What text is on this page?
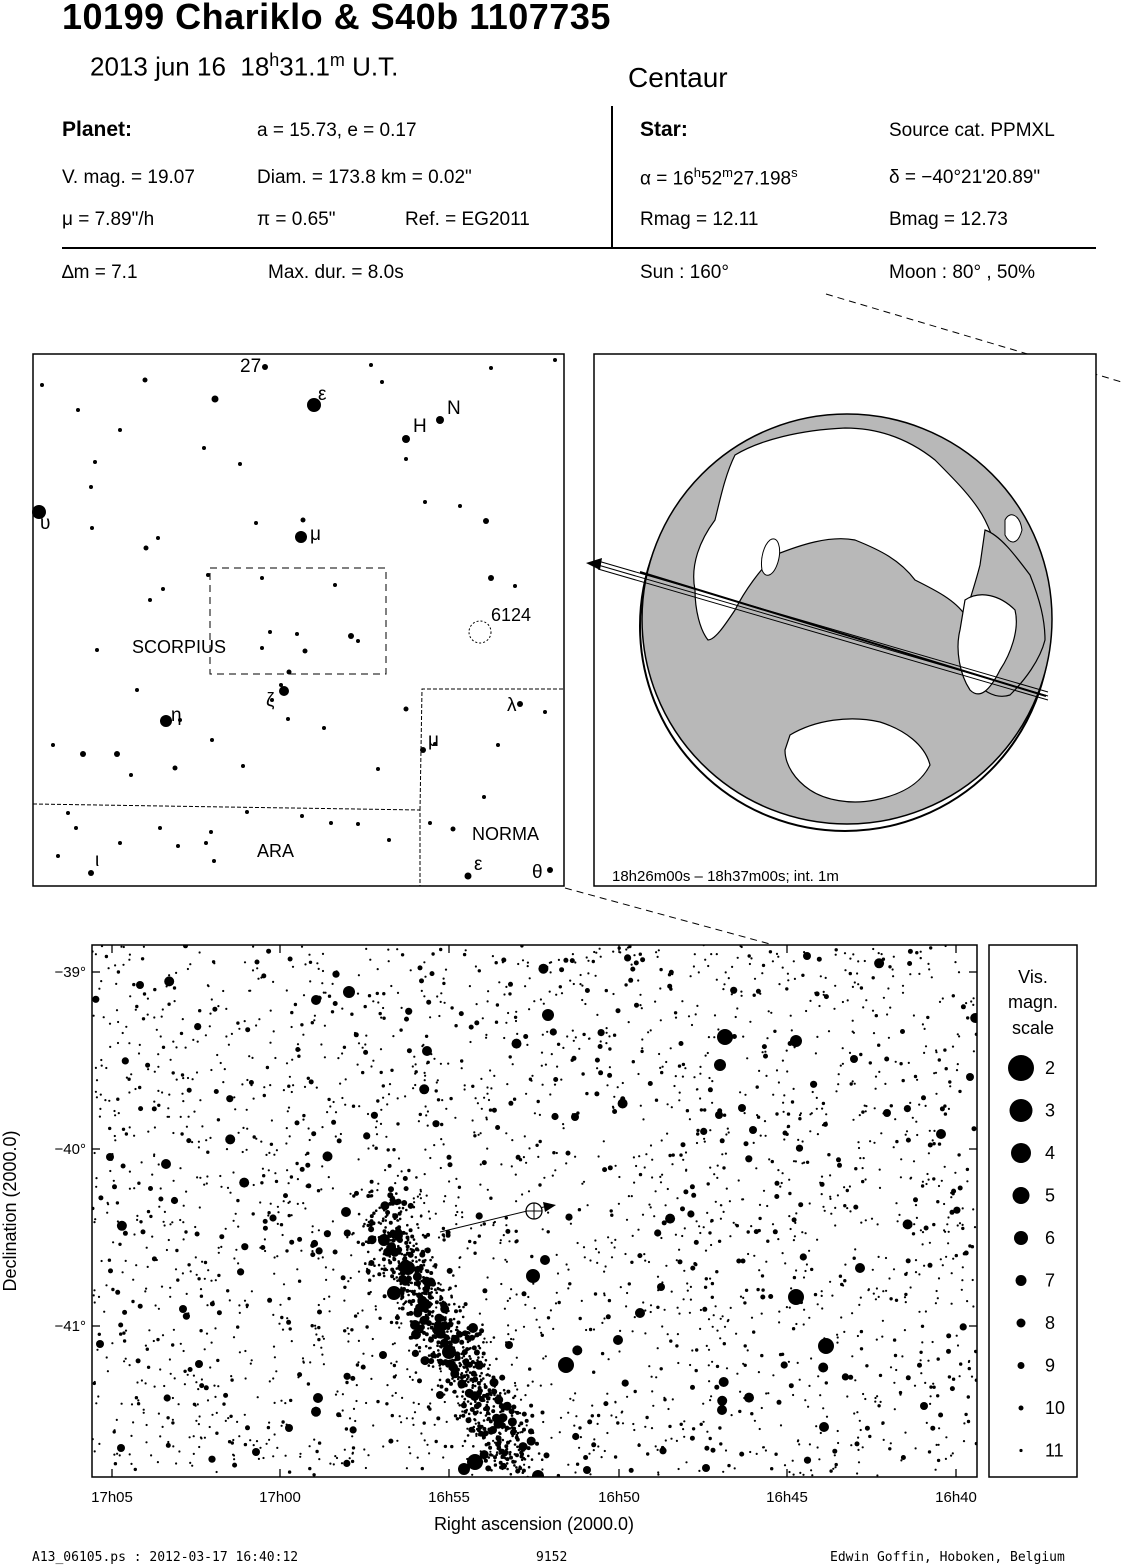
10199 Chariklo & S40b 1107735
2013 jun 16 18$^h$31.1$^m$ U.T.	Centaur
Planet:	a = 15.73, e = 0.17
V. mag. = 19.07	Diam. = 173.8 km = 0.02"
μ = 7.89"/h	π = 0.65"	Ref. = EG2011
Star:	Source cat. PPMXL
$\alpha = 16^h52^m27.198^s$	δ = −40°21'20.89"
Rmag = 12.11	Bmag = 12.73
∆m = 7.1	Max. dur. = 8.0s	Sun : 160°	Moon : 80° , 50%
27
ε
H
N
υ
μ
6124
SCORPIUS
η
ζ	λ
μ
ARA
NORMA
ι	ε	θ	18h26m00s – 18h37m00s; int. 1m
17h05	17h00	16h55	16h50	16h45	16h40
−39°
−40°
−41°
Right ascension (2000.0)
Declination (2000.0)
Vis.
magn.
scale
2
3
4
5
6
7
8
9
10
11
A13_06105.ps : 2012-03-17 16:40:12	9152	Edwin Goffin, Hoboken, Belgium
